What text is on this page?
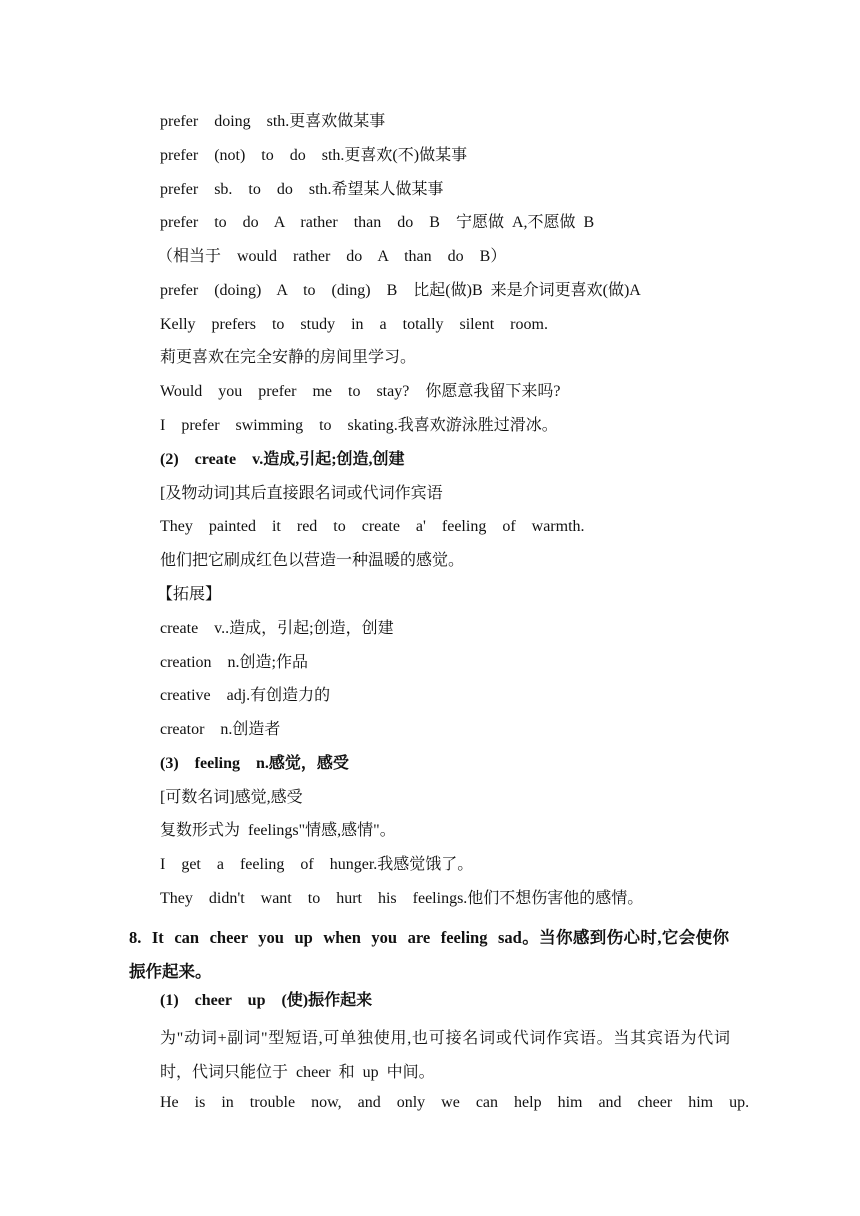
prefer  doing  sth.更喜欢做某事
prefer  (not)  to  do  sth.更喜欢(不)做某事
prefer  sb.  to  do  sth.希望某人做某事
prefer  to  do  A  rather  than  do  B  宁愿做 A,不愿做 B
（相当于  would  rather  do  A  than  do  B）
prefer  (doing)  A  to  (ding)  B  比起(做)B 来是介词更喜欢(做)A
Kelly  prefers  to  study  in  a  totally  silent  room.
莉更喜欢在完全安静的房间里学习。
Would  you  prefer  me  to  stay?  你愿意我留下来吗?
I  prefer  swimming  to  skating.我喜欢游泳胜过滑冰。
(2)  create  v.造成,引起;创造,创建
[及物动词]其后直接跟名词或代词作宾语
They  painted  it  red  to  create  a'  feeling  of  warmth.
他们把它刷成红色以营造一种温暖的感觉。
【拓展】
create  v..造成，引起;创造，创建
creation  n.创造;作品
creative  adj.有创造力的
creator  n.创造者
(3)  feeling  n.感觉，感受
[可数名词]感觉,感受
复数形式为 feelings"情感,感情"。
I  get  a  feeling  of  hunger.我感觉饿了。
They  didn't  want  to  hurt  his  feelings.他们不想伤害他的感情。
8. It can cheer you up when you are feeling sad。当你感到伤心时,它会使你振作起来。
(1)  cheer  up  (使)振作起来
为"动词+副词"型短语,可单独使用,也可接名词或代词作宾语。当其宾语为代词时，代词只能位于 cheer 和 up 中间。
He  is  in  trouble  now,  and  only  we  can  help  him  and  cheer  him  up.
